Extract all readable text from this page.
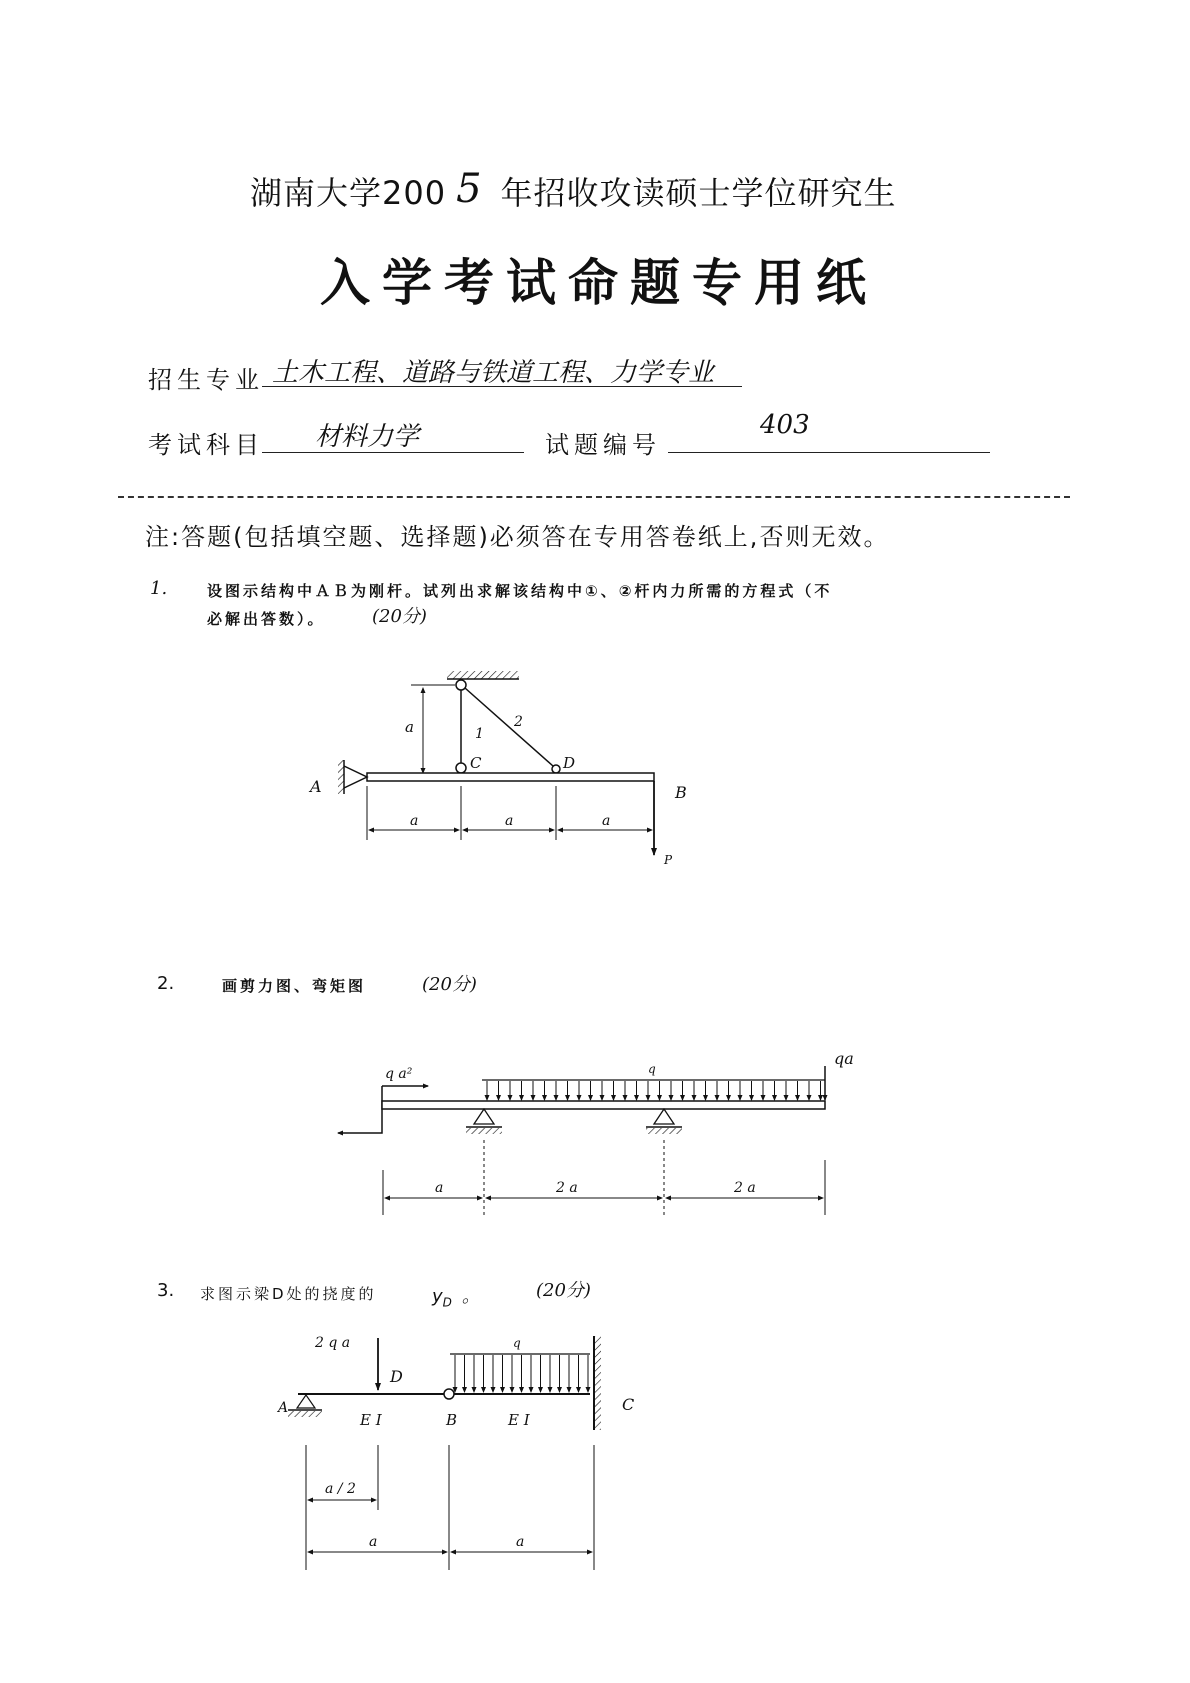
湖南大学200 5 年招收攻读硕士学位研究生
入学考试命题专用纸
招生专业 土木工程、道路与铁道工程、力学专业
考试科目 材料力学	试题编号
403
注:答题(包括填空题、选择题)必须答在专用答卷纸上,否则无效。
1.	设图示结构中ＡＢ为刚杆。试列出求解该结构中①、②杆内力所需的方程式（不
必解出答数）。	(20分)
2.	画剪力图、弯矩图	(20分)
3. 求图示梁D处的挠度的	$y_D$ 。	(20分)
a	1
2
C	D
A	B
P
a	a	a
q a²	q
qa
a	2 a	2 a
2 q a
D
q
C
A
E I	B	E I
a / 2
a	a
